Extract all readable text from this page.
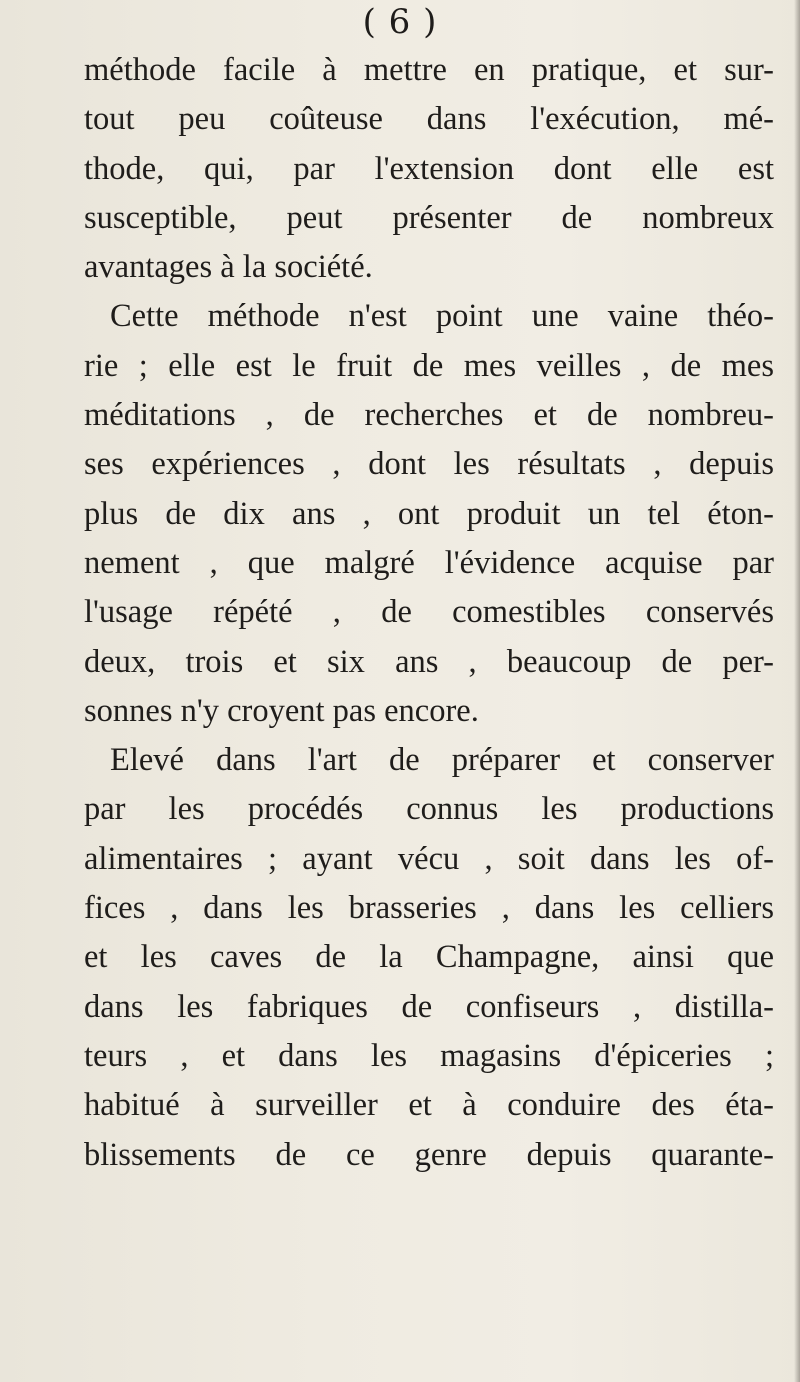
( 6 )
méthode facile à mettre en pratique, et sur-
tout peu coûteuse dans l'exécution, mé-
thode, qui, par l'extension dont elle est
susceptible, peut présenter de nombreux
avantages à la société.
Cette méthode n'est point une vaine théo-
rie ; elle est le fruit de mes veilles , de mes
méditations , de recherches et de nombreu-
ses expériences , dont les résultats , depuis
plus de dix ans , ont produit un tel éton-
nement , que malgré l'évidence acquise par
l'usage répété , de comestibles conservés
deux, trois et six ans , beaucoup de per-
sonnes n'y croyent pas encore.
Elevé dans l'art de préparer et conserver
par les procédés connus les productions
alimentaires ; ayant vécu , soit dans les of-
fices , dans les brasseries , dans les celliers
et les caves de la Champagne, ainsi que
dans les fabriques de confiseurs , distilla-
teurs , et dans les magasins d'épiceries ;
habitué à surveiller et à conduire des éta-
blissements de ce genre depuis quarante-
